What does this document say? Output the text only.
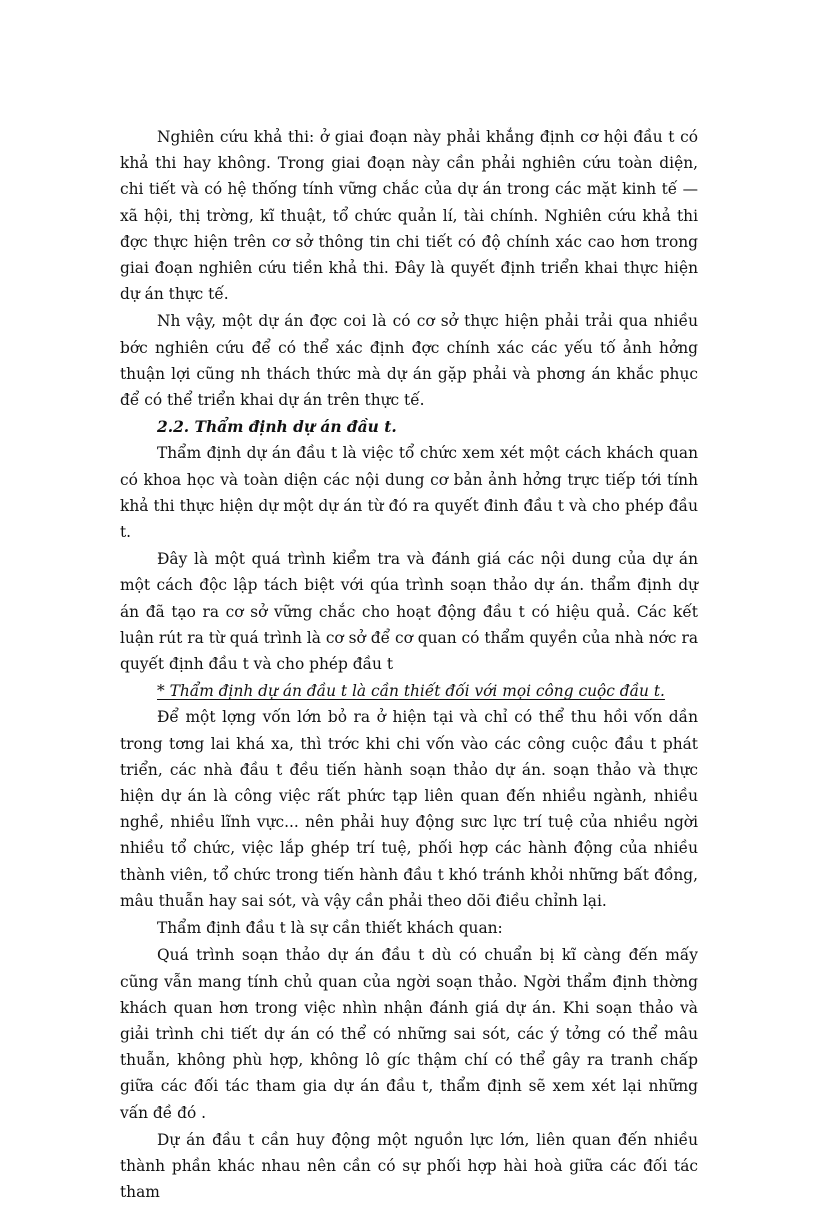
Nghiên cứu khả thi: ở giai đoạn này phải khẳng định cơ hội đầu t có khả thi hay không. Trong giai đoạn này cần phải nghiên cứu toàn diện, chi tiết và có hệ thống tính vững chắc của dự án trong các mặt kinh tế — xã hội, thị trờng, kĩ thuật, tổ chức quản lí, tài chính. Nghiên cứu khả thi đợc thực hiện trên cơ sở thông tin chi tiết có độ chính xác cao hơn trong giai đoạn nghiên cứu tiền khả thi. Đây là quyết định triển khai thực hiện dự án thực tế.

Nh vậy, một dự án đợc coi là có cơ sở thực hiện phải trải qua nhiều bớc nghiên cứu để có thể xác định đợc chính xác các yếu tố ảnh hởng thuận lợi cũng nh thách thức mà dự án gặp phải và phơng án khắc phục để có thể triển khai dự án trên thực tế.

2.2. Thẩm định dự án đầu t.

Thẩm định dự án đầu t là việc tổ chức xem xét một cách khách quan có khoa học và toàn diện các nội dung cơ bản ảnh hởng trực tiếp tới tính khả thi thực hiện dự một dự án từ đó ra quyết đinh đầu t và cho phép đầu t.

Đây là một quá trình kiểm tra và đánh giá các nội dung của dự án một cách độc lập tách biệt với qúa trình soạn thảo dự án. thẩm định dự án đã tạo ra cơ sở vững chắc cho hoạt động đầu t có hiệu quả. Các kết luận rút ra từ quá trình là cơ sở để cơ quan có thẩm quyền của nhà nớc ra quyết định đầu t và cho phép đầu t

* Thẩm định dự án đầu t là cần thiết đối với mọi công cuộc đầu t.

Để một lợng vốn lớn bỏ ra ở hiện tại và chỉ có thể thu hồi vốn dần trong tơng lai khá xa, thì trớc khi chi vốn vào các công cuộc đầu t phát triển, các nhà đầu t đều tiến hành soạn thảo dự án. soạn thảo và thực hiện dự án là công việc rất phức tạp liên quan đến nhiều ngành, nhiều nghề, nhiều lĩnh vực... nên phải huy động sưc lực trí tuệ của nhiều ngời nhiều tổ chức, việc lắp ghép trí tuệ, phối hợp các hành động của nhiều thành viên, tổ chức trong tiến hành đầu t khó tránh khỏi những bất đồng, mâu thuẫn hay sai sót, và vậy cần phải theo dõi điều chỉnh lại.

Thẩm định đầu t là sự cần thiết khách quan:

Quá trình soạn thảo dự án đầu t dù có chuẩn bị kĩ càng đến mấy cũng vẫn mang tính chủ quan của ngời soạn thảo. Ngời thẩm định thờng khách quan hơn trong việc nhìn nhận đánh giá dự án. Khi soạn thảo và giải trình chi tiết dự án có thể có những sai sót, các ý tởng có thể mâu thuẫn, không phù hợp, không lô gíc thậm chí có thể gây ra tranh chấp giữa các đối tác tham gia dự án đầu t, thẩm định sẽ xem xét lại những vấn đề đó .

Dự án đầu t cần huy động một nguồn lực lớn, liên quan đến nhiều thành phần khác nhau nên cần có sự phối hợp hài hoà giữa các đối tác tham
